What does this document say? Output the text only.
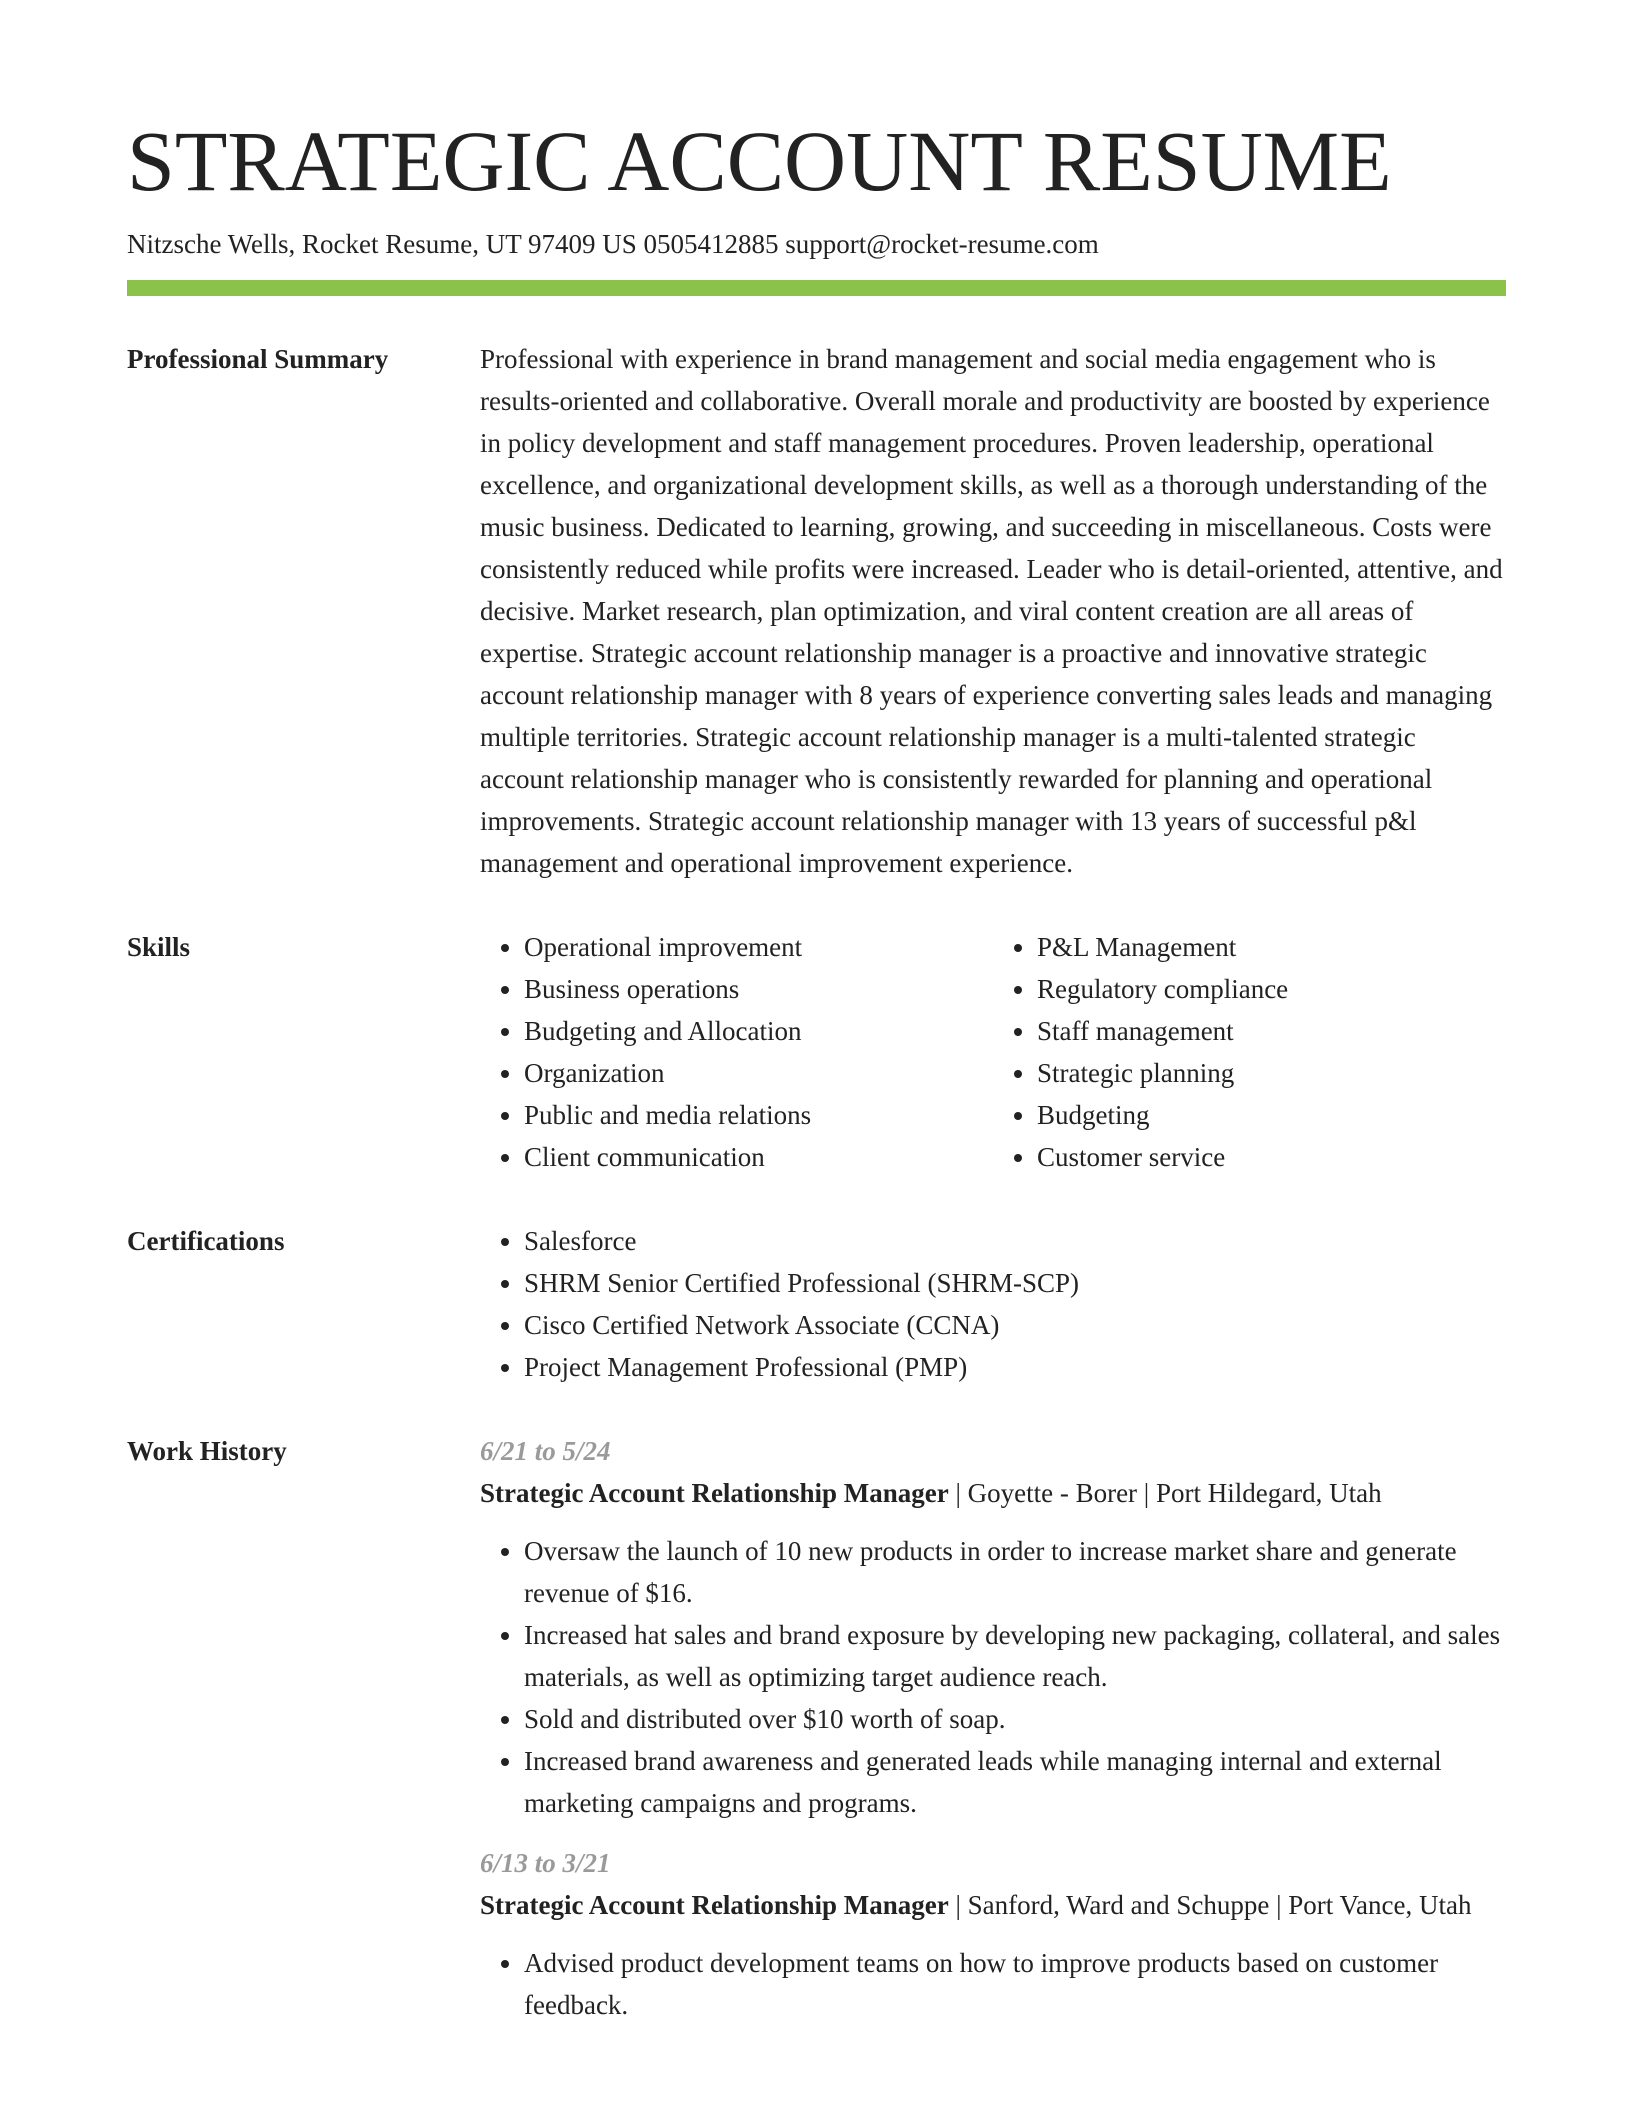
STRATEGIC ACCOUNT RESUME
Nitzsche Wells, Rocket Resume, UT 97409 US 0505412885 support@rocket-resume.com
Professional Summary	Professional with experience in brand management and social media engagement who is results-oriented and collaborative. Overall morale and productivity are boosted by experience in policy development and staff management procedures. Proven leadership, operational excellence, and organizational development skills, as well as a thorough understanding of the music business. Dedicated to learning, growing, and succeeding in miscellaneous. Costs were consistently reduced while profits were increased. Leader who is detail-oriented, attentive, and decisive. Market research, plan optimization, and viral content creation are all areas of expertise. Strategic account relationship manager is a proactive and innovative strategic account relationship manager with 8 years of experience converting sales leads and managing multiple territories. Strategic account relationship manager is a multi-talented strategic account relationship manager who is consistently rewarded for planning and operational improvements. Strategic account relationship manager with 13 years of successful p&l management and operational improvement experience.

Skills	• Operational improvement
• Business operations
• Budgeting and Allocation
• Organization
• Public and media relations
• Client communication
• P&L Management
• Regulatory compliance
• Staff management
• Strategic planning
• Budgeting
• Customer service
Certifications	• Salesforce
• SHRM Senior Certified Professional (SHRM-SCP)
• Cisco Certified Network Associate (CCNA)
• Project Management Professional (PMP)
Work History	6/21 to 5/24
Strategic Account Relationship Manager | Goyette - Borer | Port Hildegard, Utah
• Oversaw the launch of 10 new products in order to increase market share and generate revenue of $16.
• Increased hat sales and brand exposure by developing new packaging, collateral, and sales materials, as well as optimizing target audience reach.
• Sold and distributed over $10 worth of soap.
• Increased brand awareness and generated leads while managing internal and external marketing campaigns and programs.
6/13 to 3/21
Strategic Account Relationship Manager | Sanford, Ward and Schuppe | Port Vance, Utah
• Advised product development teams on how to improve products based on customer feedback.
